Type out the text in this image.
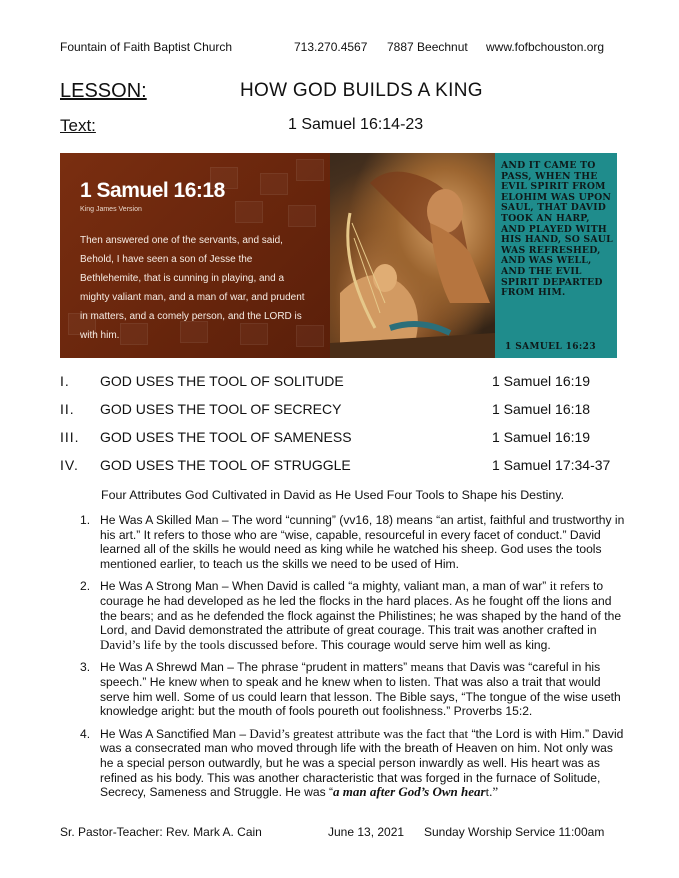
Fountain of Faith Baptist Church	713.270.4567 7887 Beechnut www.fofbchouston.org
LESSON:	HOW GOD BUILDS A KING
Text:	1 Samuel 16:14-23
1 Samuel 16:18
King James Version
Then answered one of the servants, and said, Behold, I have seen a son of Jesse the Bethlehemite, that is cunning in playing, and a mighty valiant man, and a man of war, and prudent in matters, and a comely person, and the LORD is with him.
AND IT CAME TO PASS, WHEN THE EVIL SPIRIT FROM ELOHIM WAS UPON SAUL, THAT DAVID TOOK AN HARP, AND PLAYED WITH HIS HAND, SO SAUL WAS REFRESHED, AND WAS WELL, AND THE EVIL SPIRIT DEPARTED FROM HIM.
1 SAMUEL 16:23
I. GOD USES THE TOOL OF SOLITUDE	1 Samuel 16:19
II. GOD USES THE TOOL OF SECRECY	1 Samuel 16:18
III. GOD USES THE TOOL OF SAMENESS	1 Samuel 16:19
IV. GOD USES THE TOOL OF STRUGGLE	1 Samuel 17:34-37
Four Attributes God Cultivated in David as He Used Four Tools to Shape his Destiny.
1. He Was A Skilled Man – The word “cunning” (vv16, 18) means “an artist, faithful and trustworthy in his art.” It refers to those who are “wise, capable, resourceful in every facet of conduct.” David learned all of the skills he would need as king while he watched his sheep. God uses the tools mentioned earlier, to teach us the skills we need to be used of Him.
2. He Was A Strong Man – When David is called “a mighty, valiant man, a man of war” it refers to courage he had developed as he led the flocks in the hard places. As he fought off the lions and the bears; and as he defended the flock against the Philistines; he was shaped by the hand of the Lord, and David demonstrated the attribute of great courage. This trait was another crafted in David’s life by the tools discussed before. This courage would serve him well as king.
3. He Was A Shrewd Man – The phrase “prudent in matters” means that Davis was “careful in his speech.” He knew when to speak and he knew when to listen. That was also a trait that would serve him well. Some of us could learn that lesson. The Bible says, “The tongue of the wise useth knowledge aright: but the mouth of fools poureth out foolishness.” Proverbs 15:2.
4. He Was A Sanctified Man – David’s greatest attribute was the fact that “the Lord is with Him.” David was a consecrated man who moved through life with the breath of Heaven on him. Not only was he a special person outwardly, but he was a special person inwardly as well. His heart was as refined as his body. This was another characteristic that was forged in the furnace of Solitude, Secrecy, Sameness and Struggle. He was “a man after God’s Own heart.”
Sr. Pastor-Teacher: Rev. Mark A. Cain	June 13, 2021 Sunday Worship Service 11:00am
